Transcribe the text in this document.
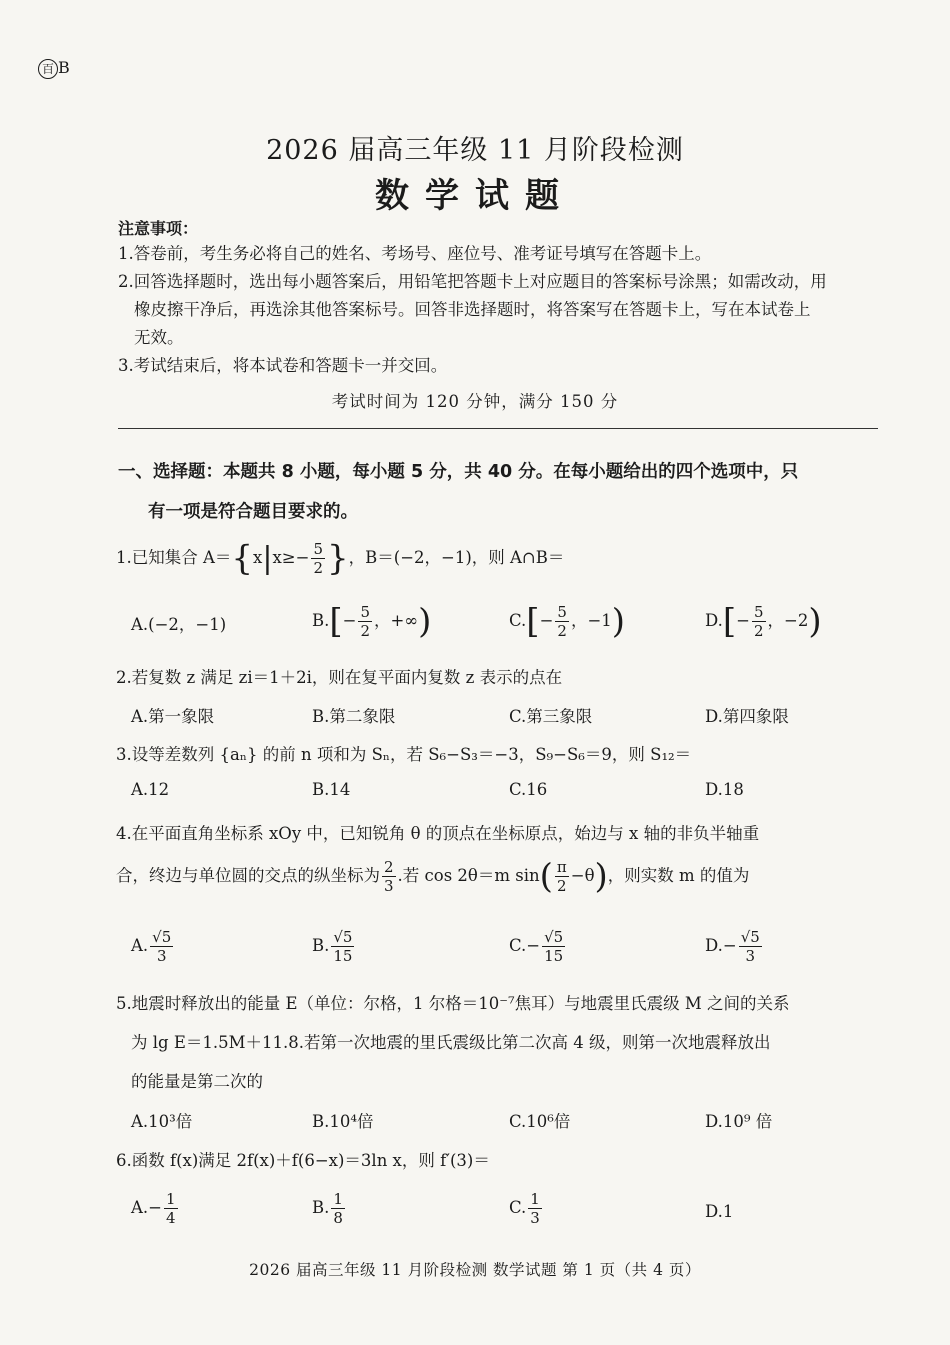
百 B
2026 届高三年级 11 月阶段检测
数学试题
注意事项：
1.答卷前，考生务必将自己的姓名、考场号、座位号、准考证号填写在答题卡上。
2.回答选择题时，选出每小题答案后，用铅笔把答题卡上对应题目的答案标号涂黑；如需改动，用
橡皮擦干净后，再选涂其他答案标号。回答非选择题时，将答案写在答题卡上，写在本试卷上
无效。
3.考试结束后，将本试卷和答题卡一并交回。
考试时间为 120 分钟，满分 150 分
一、选择题：本题共 8 小题，每小题 5 分，共 40 分。在每小题给出的四个选项中，只
有一项是符合题目要求的。
1.已知集合 $A=\{x|x\ge- \frac{5}{2}$ }，B＝(−2，−1)，则 A∩B＝
A.(−2，−1)	$B.[- \frac{5}{2}$ ，+∞)	$C.[- \frac{5}{2}$ ，−1)	$D.[- \frac{5}{2}$ ，−2)
2.若复数 z 满足 zi＝1＋2i，则在复平面内复数 z 表示的点在
A.第一象限	B.第二象限	C.第三象限	D.第四象限
3.设等差数列 {aₙ} 的前 n 项和为 Sₙ，若 S₆−S₃＝−3，S₉−S₆＝9，则 S₁₂＝
A.12	B.14	C.16	D.18
4.在平面直角坐标系 xOy 中，已知锐角 θ 的顶点在坐标原点，始边与 x 轴的非负半轴重
合，终边与单位圆的交点的纵坐标为 $\frac{2}{3}$ .若 cos 2θ＝m $\sin( \frac{\pi}{2} -\theta)$，则实数 m 的值为
A. $\frac{√5}{3}$	B. $\frac{√5}{15}$	$C.- \frac{√5}{15}$	$D.- \frac{√5}{3}$
5.地震时释放出的能量 E（单位：尔格，1 尔格＝10⁻⁷焦耳）与地震里氏震级 M 之间的关系
为 lg E＝1.5M＋11.8.若第一次地震的里氏震级比第二次高 4 级，则第一次地震释放出
的能量是第二次的
A.10³倍	B.10⁴倍	C.10⁶倍	D.10⁹ 倍
6.函数 f(x)满足 2f(x)＋f(6−x)＝3ln x，则 f′(3)＝
$A.- \frac{1}{4}$	B. $\frac{1}{8}$	C. $\frac{1}{3}$	D.1
2026 届高三年级 11 月阶段检测 数学试题 第 1 页（共 4 页）
